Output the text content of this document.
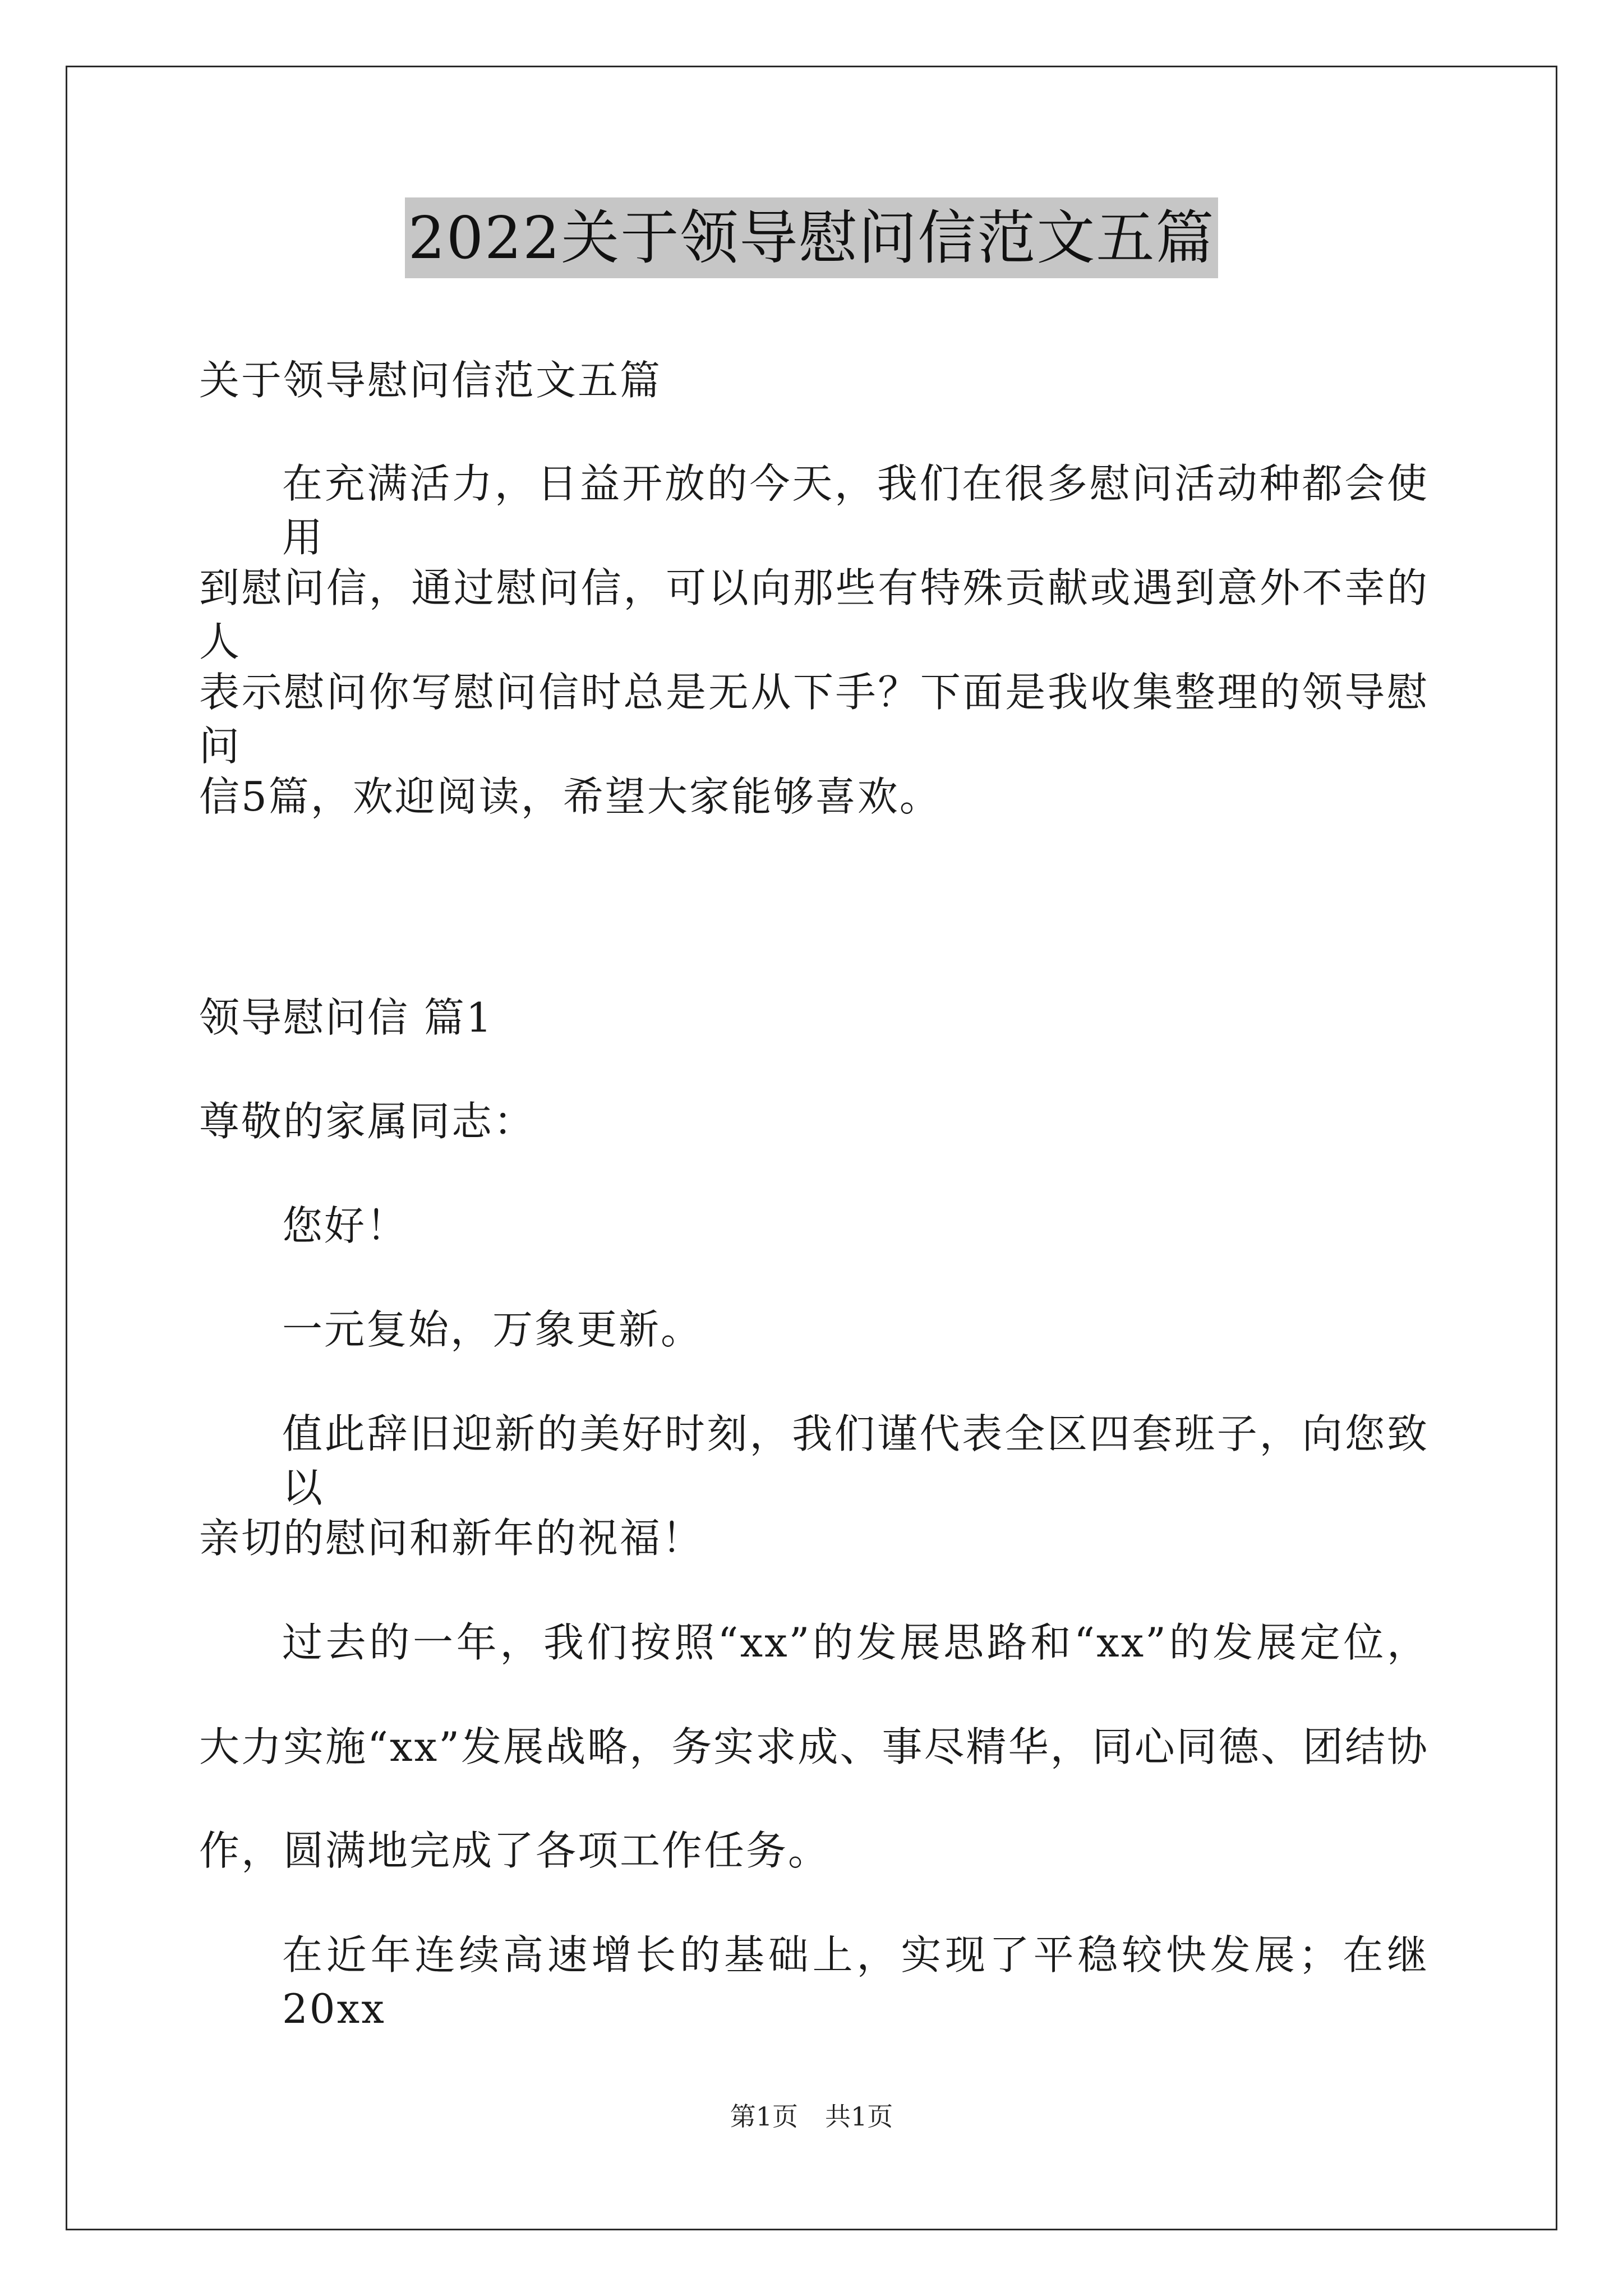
2022关于领导慰问信范文五篇
关于领导慰问信范文五篇
在充满活力，日益开放的今天，我们在很多慰问活动种都会使用
到慰问信，通过慰问信，可以向那些有特殊贡献或遇到意外不幸的人
表示慰问你写慰问信时总是无从下手？下面是我收集整理的领导慰问
信5篇，欢迎阅读，希望大家能够喜欢。
领导慰问信 篇1
尊敬的家属同志：
您好！
一元复始，万象更新。
值此辞旧迎新的美好时刻，我们谨代表全区四套班子，向您致以
亲切的慰问和新年的祝福！
过去的一年，我们按照“xx”的发展思路和“xx”的发展定位，
大力实施“xx”发展战略，务实求成、事尽精华，同心同德、团结协
作，圆满地完成了各项工作任务。
在近年连续高速增长的基础上，实现了平稳较快发展；在继20xx
第1页 共1页
